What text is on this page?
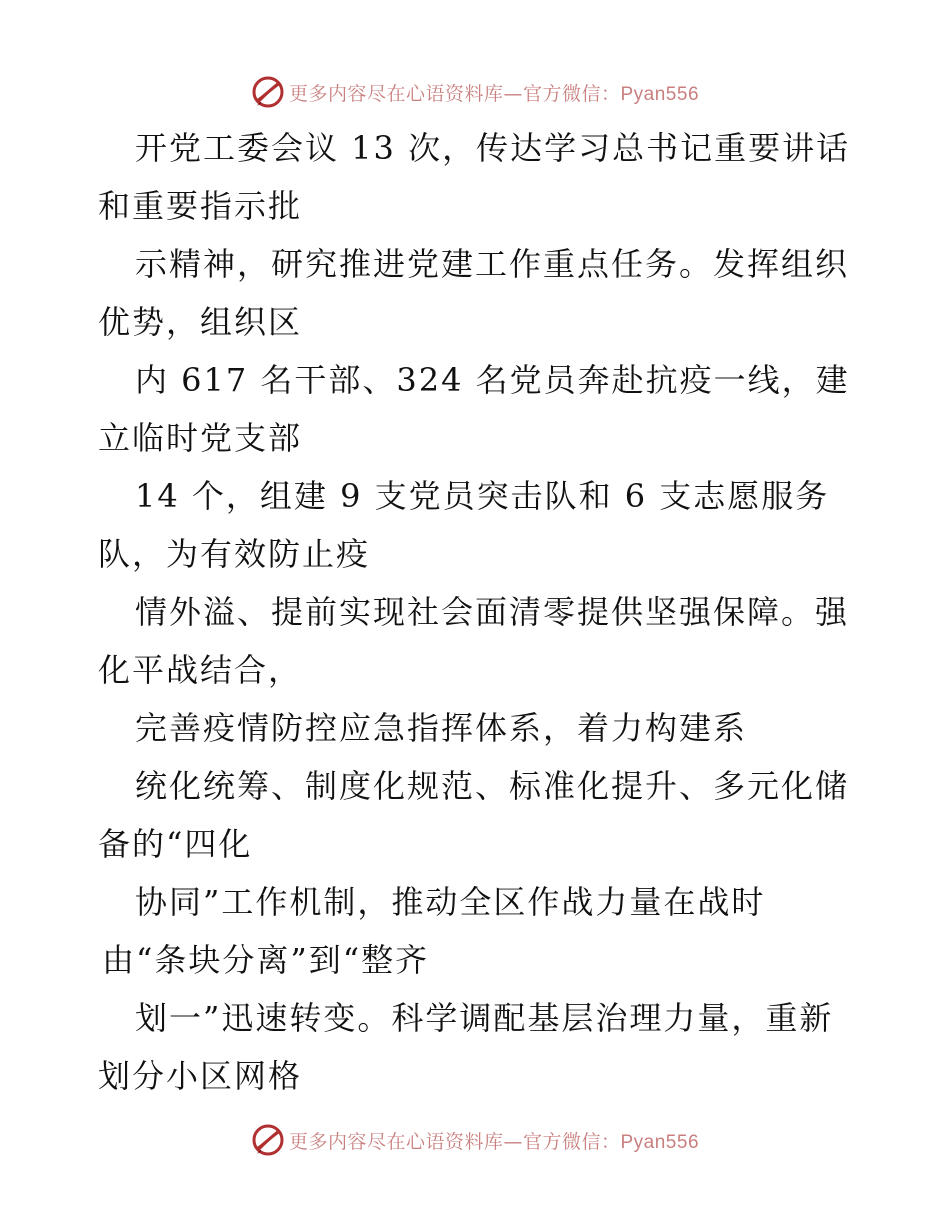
更多内容尽在心语资料库—官方微信：Pyan556
开党工委会议 13 次，传达学习总书记重要讲话
和重要指示批
示精神，研究推进党建工作重点任务。发挥组织
优势，组织区
内 617 名干部、324 名党员奔赴抗疫一线，建
立临时党支部
14 个，组建 9 支党员突击队和 6 支志愿服务
队，为有效防止疫
情外溢、提前实现社会面清零提供坚强保障。强
化平战结合，
完善疫情防控应急指挥体系，着力构建系
统化统筹、制度化规范、标准化提升、多元化储
备的“四化
协同”工作机制，推动全区作战力量在战时
由“条块分离”到“整齐
划一”迅速转变。科学调配基层治理力量，重新
划分小区网格
更多内容尽在心语资料库—官方微信：Pyan556
